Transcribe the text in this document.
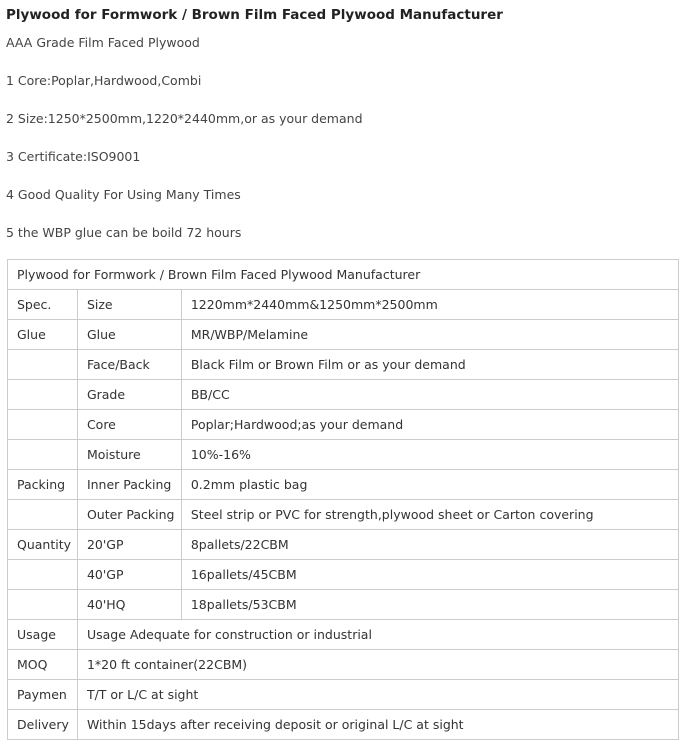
Plywood for Formwork / Brown Film Faced Plywood Manufacturer
AAA Grade Film Faced Plywood
1 Core:Poplar,Hardwood,Combi
2 Size:1250*2500mm,1220*2440mm,or as your demand
3 Certificate:ISO9001
4 Good Quality For Using Many Times
5 the WBP glue can be boild 72 hours
Plywood for Formwork / Brown Film Faced Plywood Manufacturer		
Spec.	Size	1220mm*2440mm&1250mm*2500mm
Glue	Glue	MR/WBP/Melamine
	Face/Back	Black Film or Brown Film or as your demand
	Grade	BB/CC
	Core	Poplar;Hardwood;as your demand
	Moisture	10%-16%
Packing	Inner Packing	0.2mm plastic bag
	Outer Packing	Steel strip or PVC for strength,plywood sheet or Carton covering
Quantity	20'GP	8pallets/22CBM
	40'GP	16pallets/45CBM
	40'HQ	18pallets/53CBM
Usage	Usage Adequate for construction or industrial	
MOQ	1*20 ft container(22CBM)	
Paymen	T/T or L/C at sight	
Delivery	Within 15days after receiving deposit or original L/C at sight	
